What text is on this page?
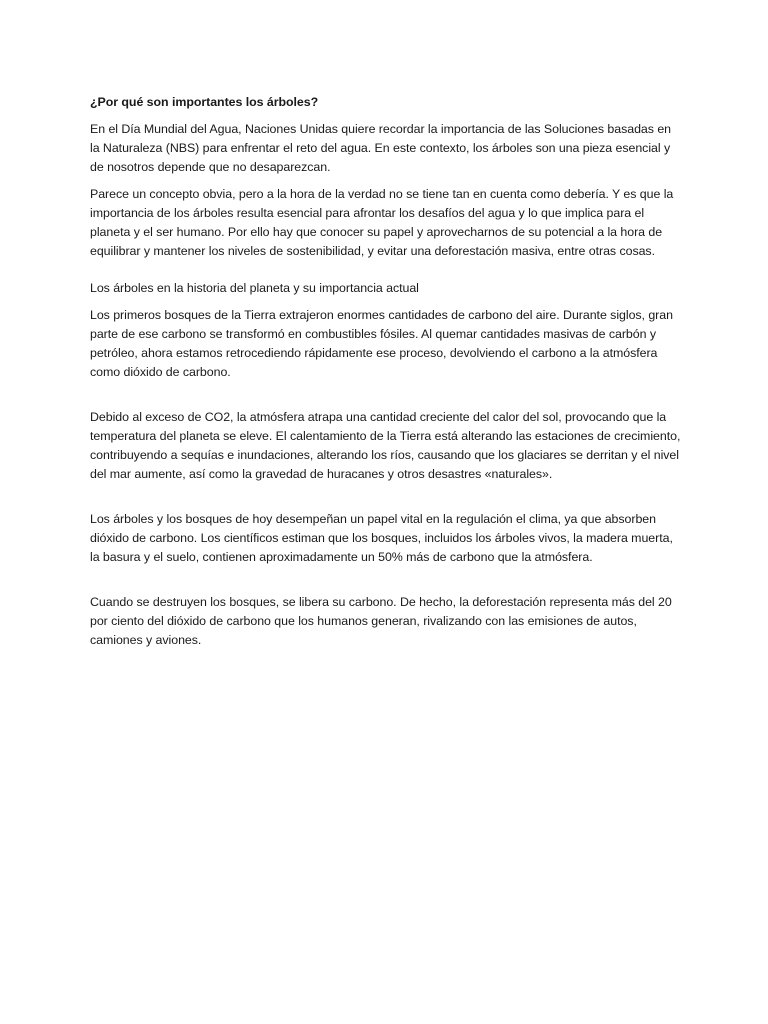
¿Por qué son importantes los árboles?

En el Día Mundial del Agua, Naciones Unidas quiere recordar la importancia de las Soluciones basadas en la Naturaleza (NBS) para enfrentar el reto del agua. En este contexto, los árboles son una pieza esencial y de nosotros depende que no desaparezcan.

Parece un concepto obvia, pero a la hora de la verdad no se tiene tan en cuenta como debería. Y es que la importancia de los árboles resulta esencial para afrontar los desafíos del agua y lo que implica para el planeta y el ser humano. Por ello hay que conocer su papel y aprovecharnos de su potencial a la hora de equilibrar y mantener los niveles de sostenibilidad, y evitar una deforestación masiva, entre otras cosas.

Los árboles en la historia del planeta y su importancia actual

Los primeros bosques de la Tierra extrajeron enormes cantidades de carbono del aire. Durante siglos, gran parte de ese carbono se transformó en combustibles fósiles. Al quemar cantidades masivas de carbón y petróleo, ahora estamos retrocediendo rápidamente ese proceso, devolviendo el carbono a la atmósfera como dióxido de carbono.

Debido al exceso de CO2, la atmósfera atrapa una cantidad creciente del calor del sol, provocando que la temperatura del planeta se eleve. El calentamiento de la Tierra está alterando las estaciones de crecimiento, contribuyendo a sequías e inundaciones, alterando los ríos, causando que los glaciares se derritan y el nivel del mar aumente, así como la gravedad de huracanes y otros desastres «naturales».

Los árboles y los bosques de hoy desempeñan un papel vital en la regulación el clima, ya que absorben dióxido de carbono. Los científicos estiman que los bosques, incluidos los árboles vivos, la madera muerta, la basura y el suelo, contienen aproximadamente un 50% más de carbono que la atmósfera.

Cuando se destruyen los bosques, se libera su carbono. De hecho, la deforestación representa más del 20 por ciento del dióxido de carbono que los humanos generan, rivalizando con las emisiones de autos, camiones y aviones.
